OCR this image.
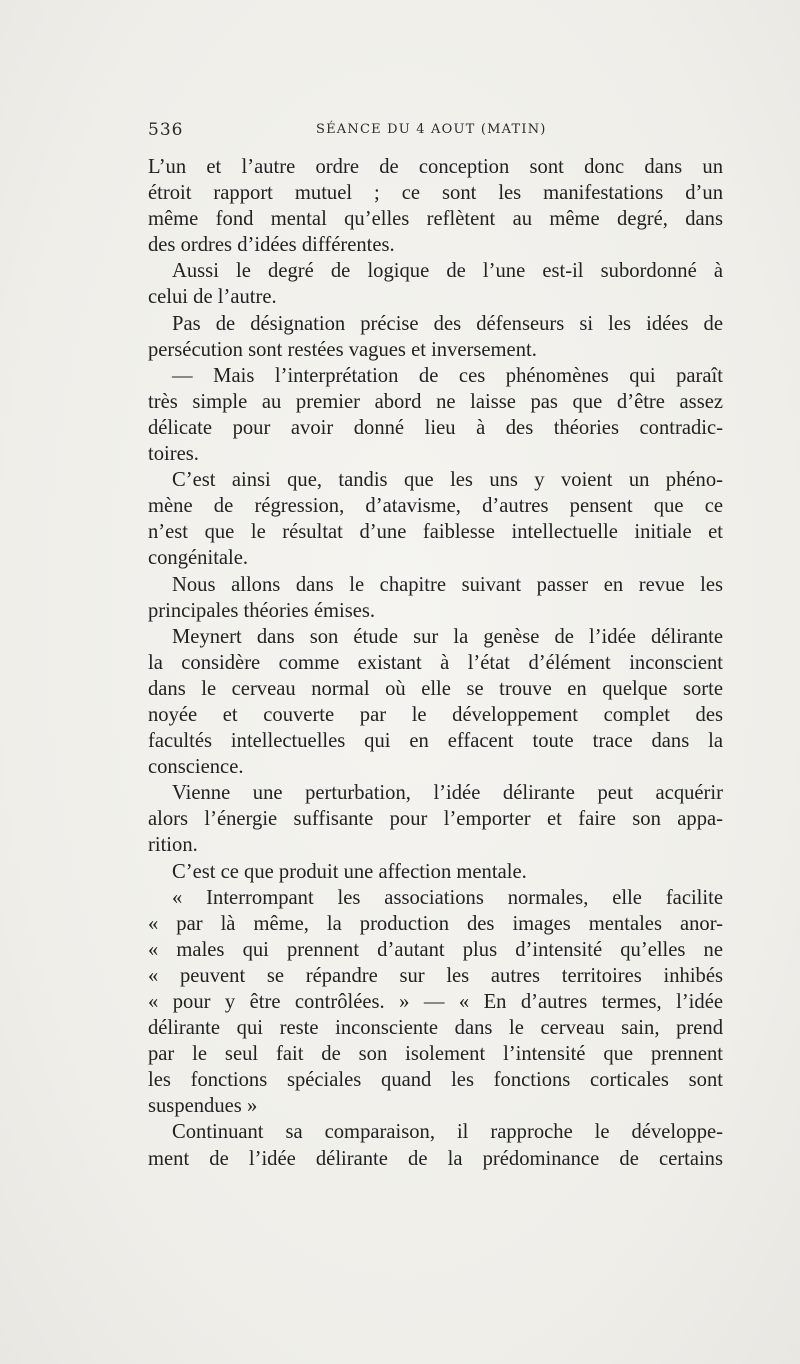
536	SÉANCE DU 4 AOUT (MATIN)
L’un et l’autre ordre de conception sont donc dans un
étroit rapport mutuel ; ce sont les manifestations d’un
même fond mental qu’elles reflètent au même degré, dans
des ordres d’idées différentes.
Aussi le degré de logique de l’une est-il subordonné à
celui de l’autre.
Pas de désignation précise des défenseurs si les idées de
persécution sont restées vagues et inversement.
— Mais l’interprétation de ces phénomènes qui paraît
très simple au premier abord ne laisse pas que d’être assez
délicate pour avoir donné lieu à des théories contradic-
toires.
C’est ainsi que, tandis que les uns y voient un phéno-
mène de régression, d’atavisme, d’autres pensent que ce
n’est que le résultat d’une faiblesse intellectuelle initiale et
congénitale.
Nous allons dans le chapitre suivant passer en revue les
principales théories émises.
Meynert dans son étude sur la genèse de l’idée délirante
la considère comme existant à l’état d’élément inconscient
dans le cerveau normal où elle se trouve en quelque sorte
noyée et couverte par le développement complet des
facultés intellectuelles qui en effacent toute trace dans la
conscience.
Vienne une perturbation, l’idée délirante peut acquérir
alors l’énergie suffisante pour l’emporter et faire son appa-
rition.
C’est ce que produit une affection mentale.
« Interrompant les associations normales, elle facilite
« par là même, la production des images mentales anor-
« males qui prennent d’autant plus d’intensité qu’elles ne
« peuvent se répandre sur les autres territoires inhibés
« pour y être contrôlées. » — « En d’autres termes, l’idée
délirante qui reste inconsciente dans le cerveau sain, prend
par le seul fait de son isolement l’intensité que prennent
les fonctions spéciales quand les fonctions corticales sont
suspendues »
Continuant sa comparaison, il rapproche le développe-
ment de l’idée délirante de la prédominance de certains
